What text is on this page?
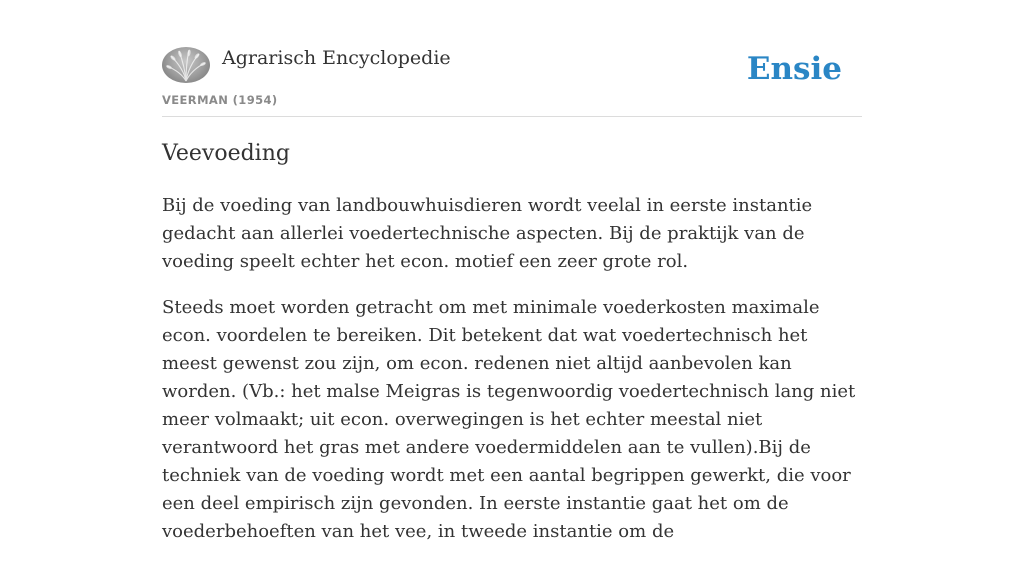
Agrarisch Encyclopedie
VEERMAN (1954)
Ensie
Veevoeding

Bij de voeding van landbouwhuisdieren wordt veelal in eerste instantie gedacht aan allerlei voedertechnische aspecten. Bij de praktijk van de voeding speelt echter het econ. motief een zeer grote rol.

Steeds moet worden getracht om met minimale voederkosten maximale econ. voordelen te bereiken. Dit betekent dat wat voedertechnisch het meest gewenst zou zijn, om econ. redenen niet altijd aanbevolen kan worden. (Vb.: het malse Meigras is tegenwoordig voedertechnisch lang niet meer volmaakt; uit econ. overwegingen is het echter meestal niet verantwoord het gras met andere voedermiddelen aan te vullen).Bij de techniek van de voeding wordt met een aantal begrippen gewerkt, die voor een deel empirisch zijn gevonden. In eerste instantie gaat het om de voederbehoeften van het vee, in tweede instantie om de
